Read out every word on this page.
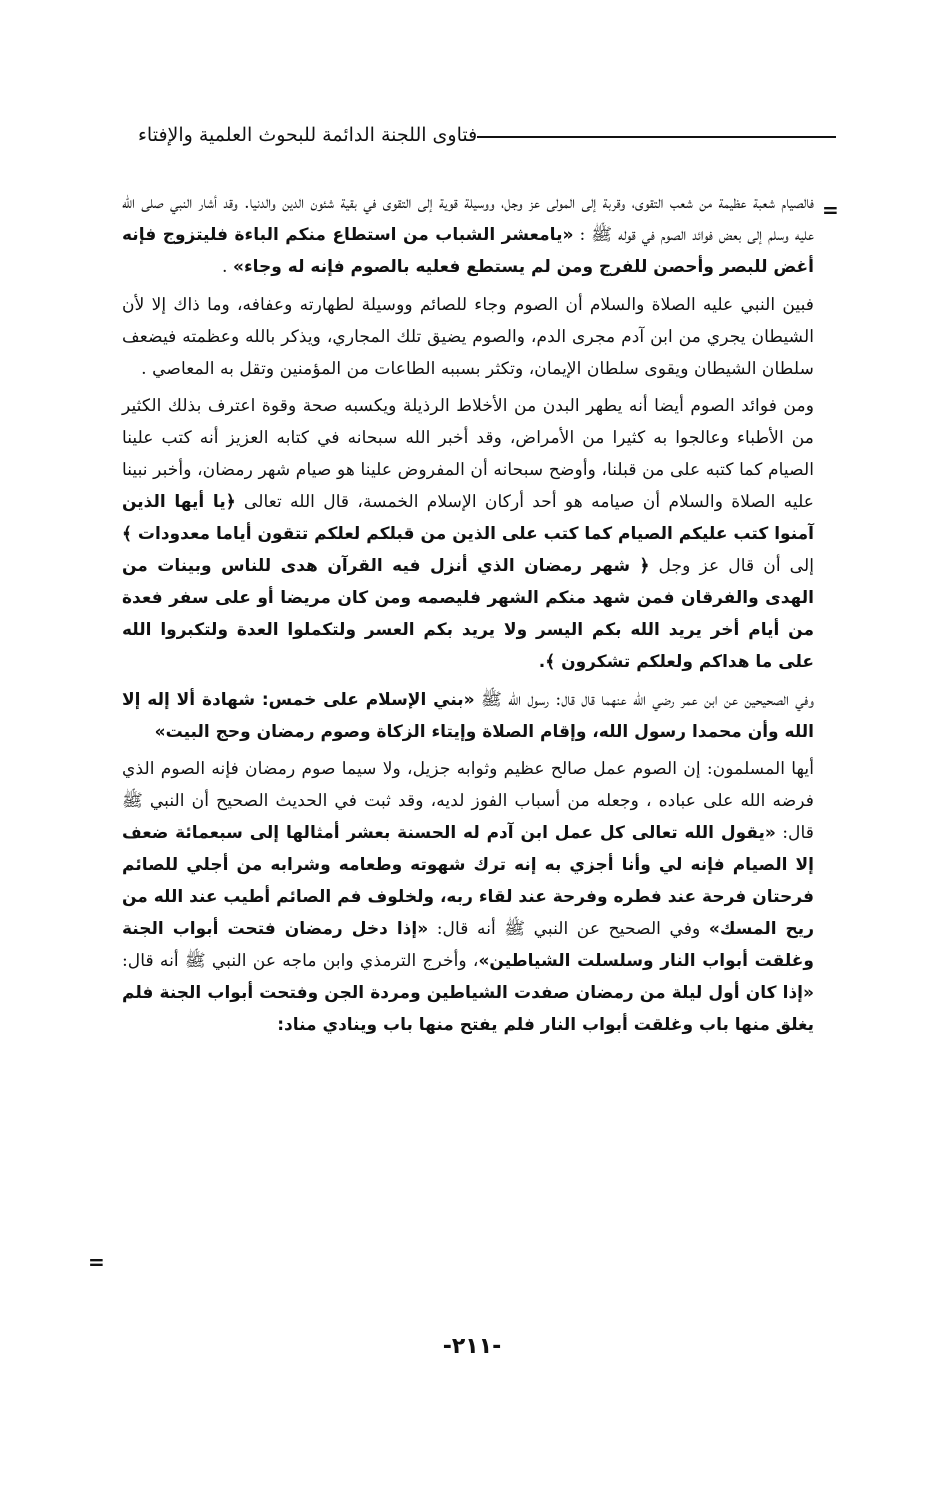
فتاوى اللجنة الدائمة للبحوث العلمية والإفتاء
=

فالصيام شعبة عظيمة من شعب التقوى، وقربة إلى المولى عز وجل، ووسيلة قوية إلى التقوى في بقية شئون الدين والدنيا. وقد أشار النبي صلى الله عليه وسلم إلى بعض فوائد الصوم في قوله ﷺ : «يامعشر الشباب من استطاع منكم الباءة فليتزوج فإنه أغض للبصر وأحصن للفرج ومن لم يستطع فعليه بالصوم فإنه له وجاء» .

فبين النبي عليه الصلاة والسلام أن الصوم وجاء للصائم ووسيلة لطهارته وعفافه، وما ذاك إلا لأن الشيطان يجري من ابن آدم مجرى الدم، والصوم يضيق تلك المجاري، ويذكر بالله وعظمته فيضعف سلطان الشيطان ويقوى سلطان الإيمان، وتكثر بسببه الطاعات من المؤمنين وتقل به المعاصي .

ومن فوائد الصوم أيضا أنه يطهر البدن من الأخلاط الرذيلة ويكسبه صحة وقوة اعترف بذلك الكثير من الأطباء وعالجوا به كثيرا من الأمراض، وقد أخبر الله سبحانه في كتابه العزيز أنه كتب علينا الصيام كما كتبه على من قبلنا، وأوضح سبحانه أن المفروض علينا هو صيام شهر رمضان، وأخبر نبينا عليه الصلاة والسلام أن صيامه هو أحد أركان الإسلام الخمسة، قال الله تعالى ﴿يا أيها الذين آمنوا كتب عليكم الصيام كما كتب على الذين من قبلكم لعلكم تتقون أياما معدودات ﴾ إلى أن قال عز وجل ﴿ شهر رمضان الذي أنزل فيه القرآن هدى للناس وبينات من الهدى والفرقان فمن شهد منكم الشهر فليصمه ومن كان مريضا أو على سفر فعدة من أيام أخر يريد الله بكم اليسر ولا يريد بكم العسر ولتكملوا العدة ولتكبروا الله على ما هداكم ولعلكم تشكرون ﴾.

وفي الصحيحين عن ابن عمر رضي الله عنهما قال قال: رسول الله ﷺ «بني الإسلام على خمس: شهادة ألا إله إلا الله وأن محمدا رسول الله، وإقام الصلاة وإيتاء الزكاة وصوم رمضان وحج البيت»

أيها المسلمون: إن الصوم عمل صالح عظيم وثوابه جزيل، ولا سيما صوم رمضان فإنه الصوم الذي فرضه الله على عباده ، وجعله من أسباب الفوز لديه، وقد ثبت في الحديث الصحيح أن النبي ﷺ قال: «يقول الله تعالى كل عمل ابن آدم له الحسنة بعشر أمثالها إلى سبعمائة ضعف إلا الصيام فإنه لي وأنا أجزي به إنه ترك شهوته وطعامه وشرابه من أجلي للصائم فرحتان فرحة عند فطره وفرحة عند لقاء ربه، ولخلوف فم الصائم أطيب عند الله من ريح المسك» وفي الصحيح عن النبي ﷺ أنه قال: «إذا دخل رمضان فتحت أبواب الجنة وغلقت أبواب النار وسلسلت الشياطين»، وأخرج الترمذي وابن ماجه عن النبي ﷺ أنه قال: «إذا كان أول ليلة من رمضان صفدت الشياطين ومردة الجن وفتحت أبواب الجنة فلم يغلق منها باب وغلقت أبواب النار فلم يفتح منها باب وينادي مناد:

=
-٢١١-
